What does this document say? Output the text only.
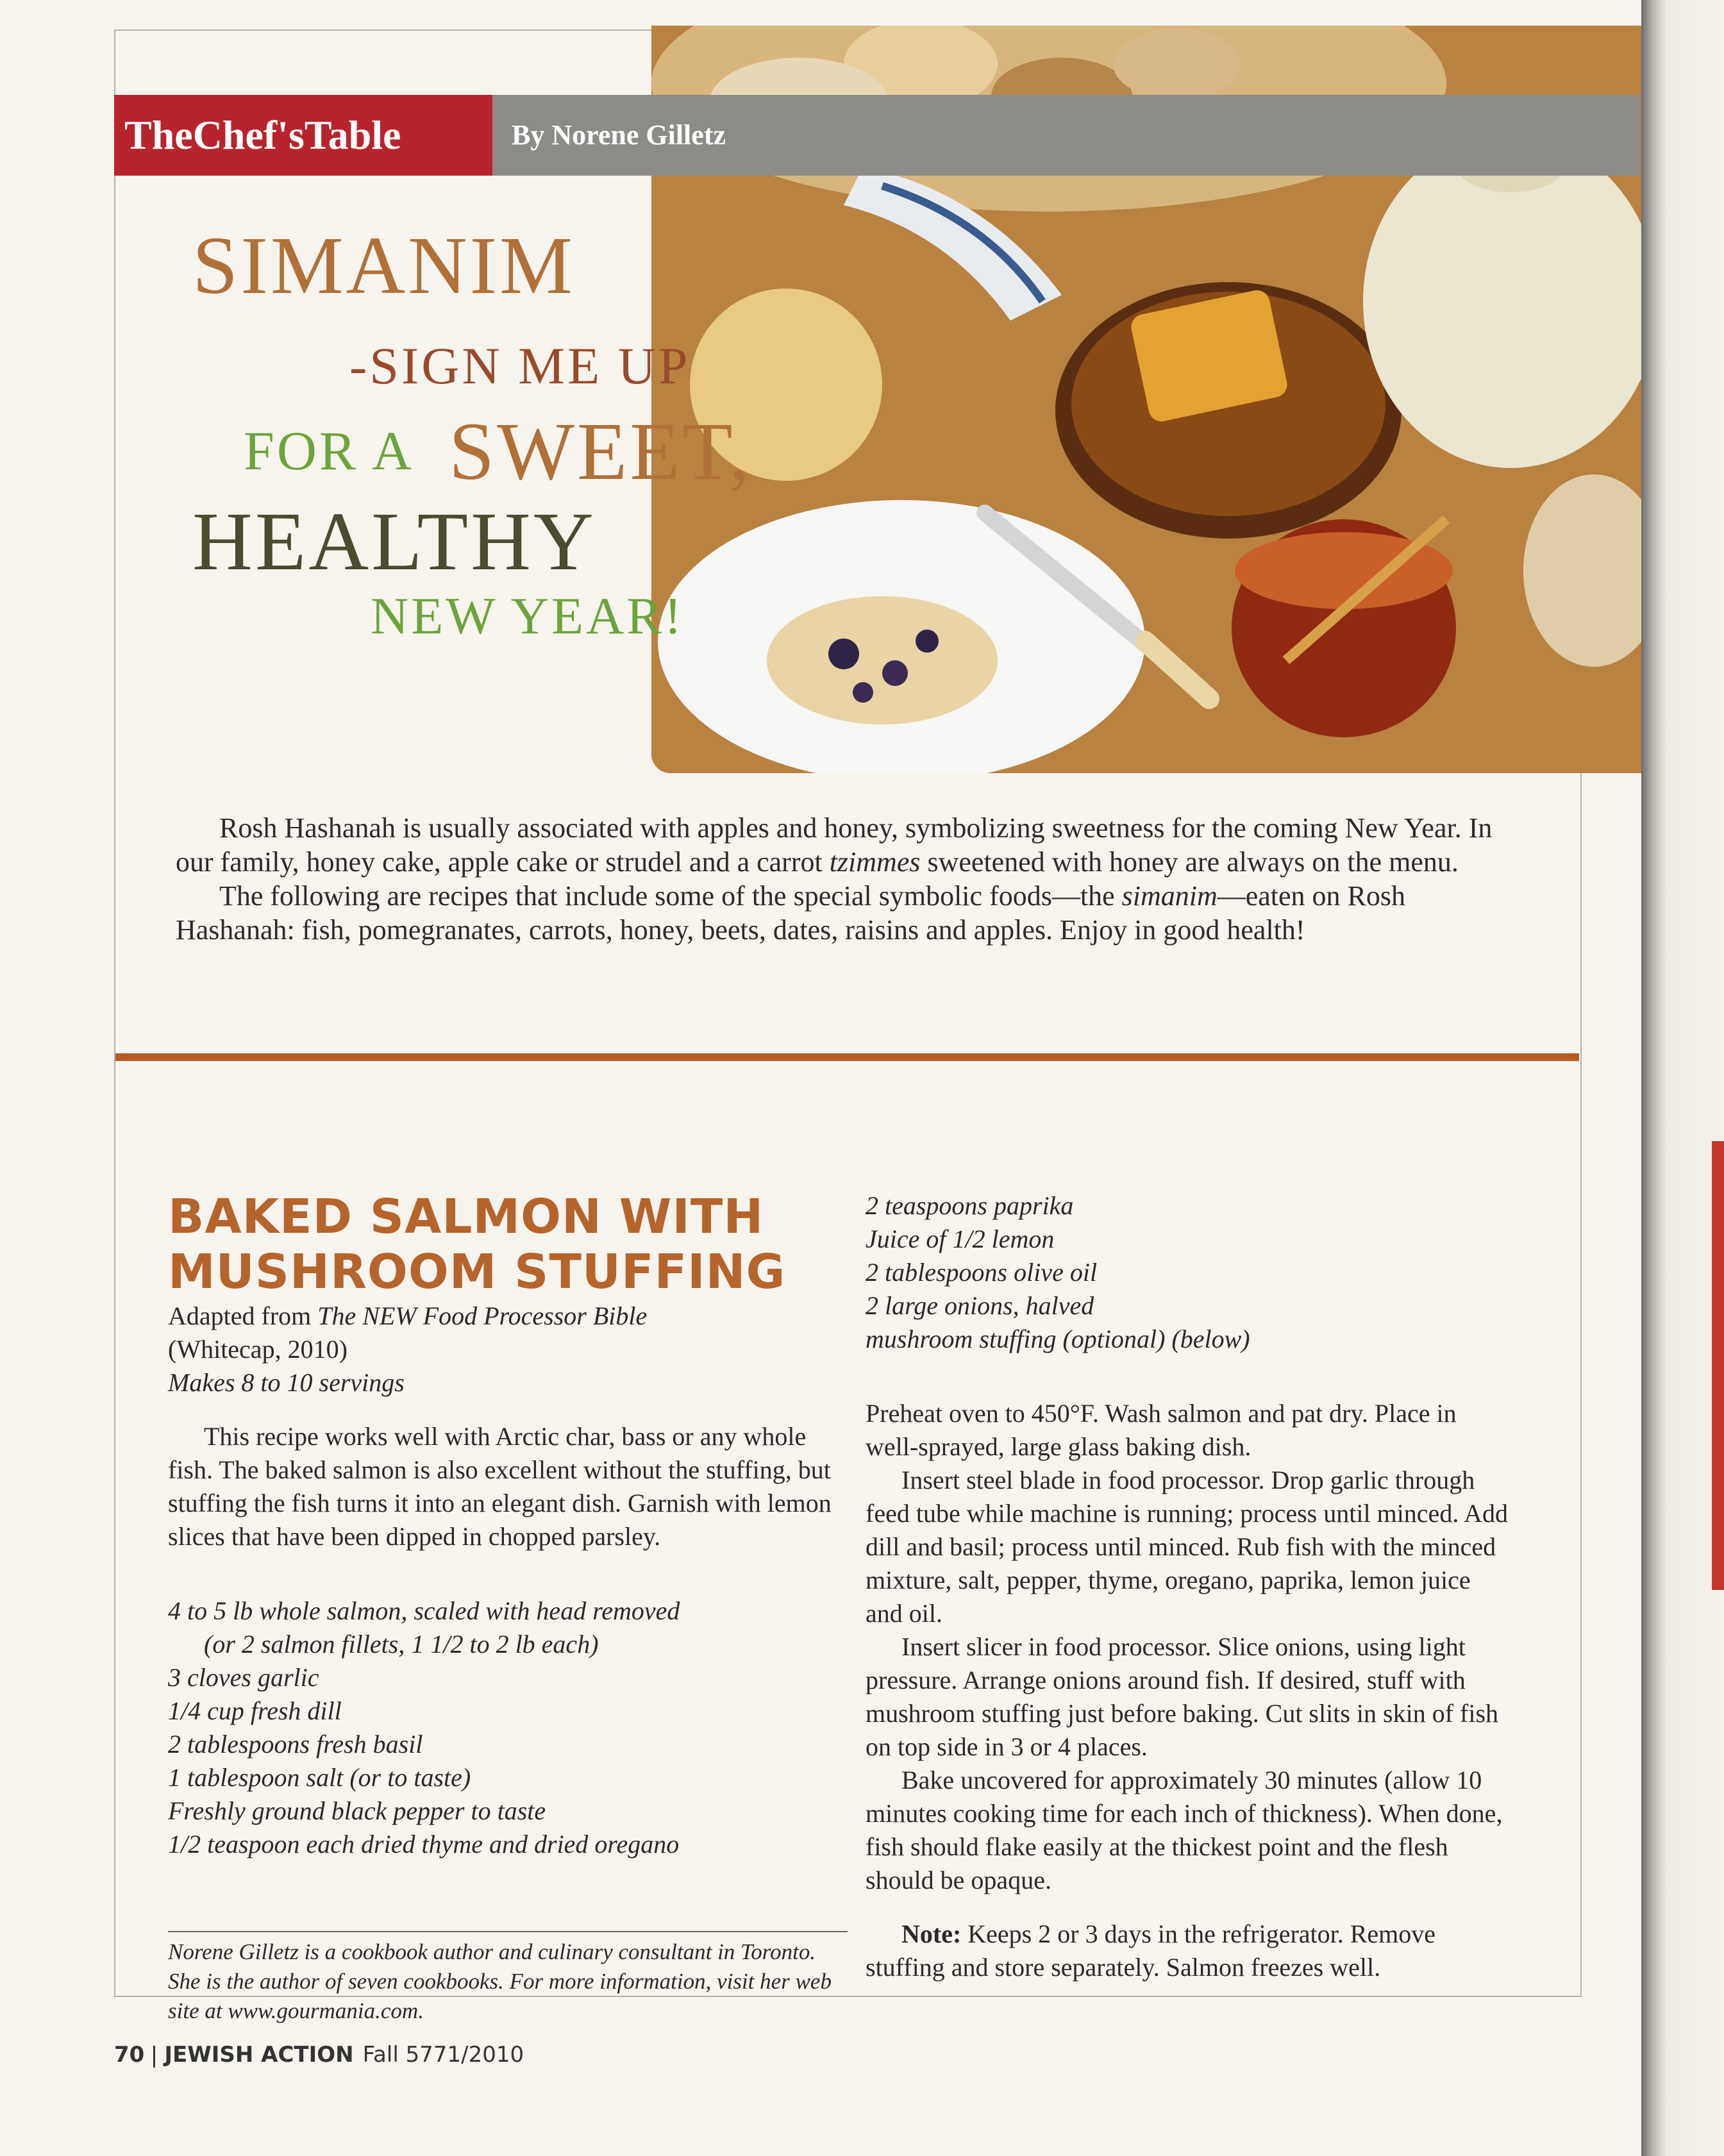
TheChef'sTable	By Norene Gilletz
SIMANIM
-SIGN ME UP
FOR A SWEET,
HEALTHY
NEW YEAR!

Rosh Hashanah is usually associated with apples and honey, symbolizing sweetness for the coming New Year. In our family, honey cake, apple cake or strudel and a carrot tzimmes sweetened with honey are always on the menu.

The following are recipes that include some of the special symbolic foods—the simanim—eaten on Rosh Hashanah: fish, pomegranates, carrots, honey, beets, dates, raisins and apples. Enjoy in good health!

BAKED SALMON WITH

MUSHROOM STUFFING

Adapted from The NEW Food Processor Bible

(Whitecap, 2010)

Makes 8 to 10 servings

This recipe works well with Arctic char, bass or any whole fish. The baked salmon is also excellent without the stuffing, but stuffing the fish turns it into an elegant dish. Garnish with lemon slices that have been dipped in chopped parsley.

4 to 5 lb whole salmon, scaled with head removed

(or 2 salmon fillets, 1 1/2 to 2 lb each)

3 cloves garlic

1/4 cup fresh dill

2 tablespoons fresh basil

1 tablespoon salt (or to taste)

Freshly ground black pepper to taste

1/2 teaspoon each dried thyme and dried oregano

Norene Gilletz is a cookbook author and culinary consultant in Toronto. She is the author of seven cookbooks. For more information, visit her web site at www.gourmania.com.

2 teaspoons paprika

Juice of 1/2 lemon

2 tablespoons olive oil

2 large onions, halved

mushroom stuffing (optional) (below)

Preheat oven to 450°F. Wash salmon and pat dry. Place in well-sprayed, large glass baking dish.

Insert steel blade in food processor. Drop garlic through feed tube while machine is running; process until minced. Add dill and basil; process until minced. Rub fish with the minced mixture, salt, pepper, thyme, oregano, paprika, lemon juice and oil.

Insert slicer in food processor. Slice onions, using light pressure. Arrange onions around fish. If desired, stuff with mushroom stuffing just before baking. Cut slits in skin of fish on top side in 3 or 4 places.

Bake uncovered for approximately 30 minutes (allow 10 minutes cooking time for each inch of thickness). When done, fish should flake easily at the thickest point and the flesh should be opaque.

Note: Keeps 2 or 3 days in the refrigerator. Remove stuffing and store separately. Salmon freezes well.

70 JEWISH ACTION Fall 5771/2010
